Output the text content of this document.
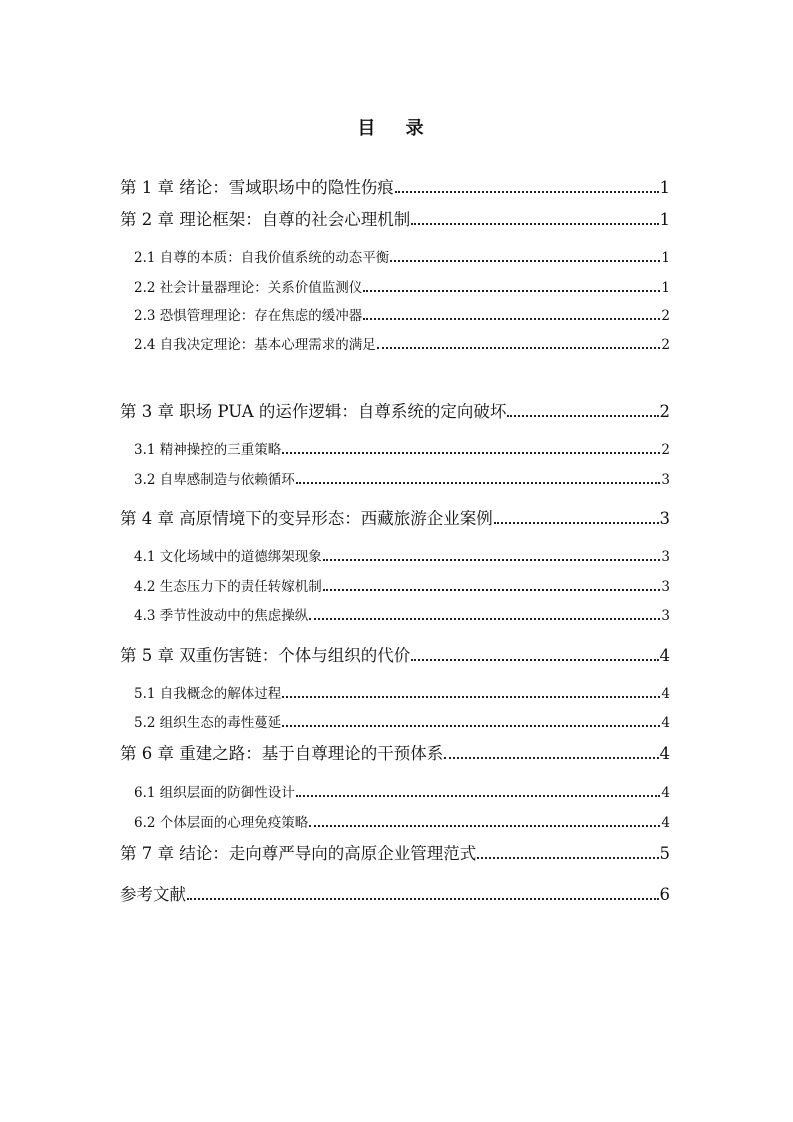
目 录
第 1 章 绪论：雪域职场中的隐性伤痕	1
第 2 章 理论框架：自尊的社会心理机制	1
2.1 自尊的本质：自我价值系统的动态平衡	1
2.2 社会计量器理论：关系价值监测仪	1
2.3 恐惧管理理论：存在焦虑的缓冲器	2
2.4 自我决定理论：基本心理需求的满足	2
第 3 章 职场 PUA 的运作逻辑：自尊系统的定向破坏	2
3.1 精神操控的三重策略	2
3.2 自卑感制造与依赖循环	3
第 4 章 高原情境下的变异形态：西藏旅游企业案例	3
4.1 文化场域中的道德绑架现象	3
4.2 生态压力下的责任转嫁机制	3
4.3 季节性波动中的焦虑操纵	3
第 5 章 双重伤害链：个体与组织的代价	4
5.1 自我概念的解体过程	4
5.2 组织生态的毒性蔓延	4
第 6 章 重建之路：基于自尊理论的干预体系	4
6.1 组织层面的防御性设计	4
6.2 个体层面的心理免疫策略	4
第 7 章 结论：走向尊严导向的高原企业管理范式	5
参考文献	6
